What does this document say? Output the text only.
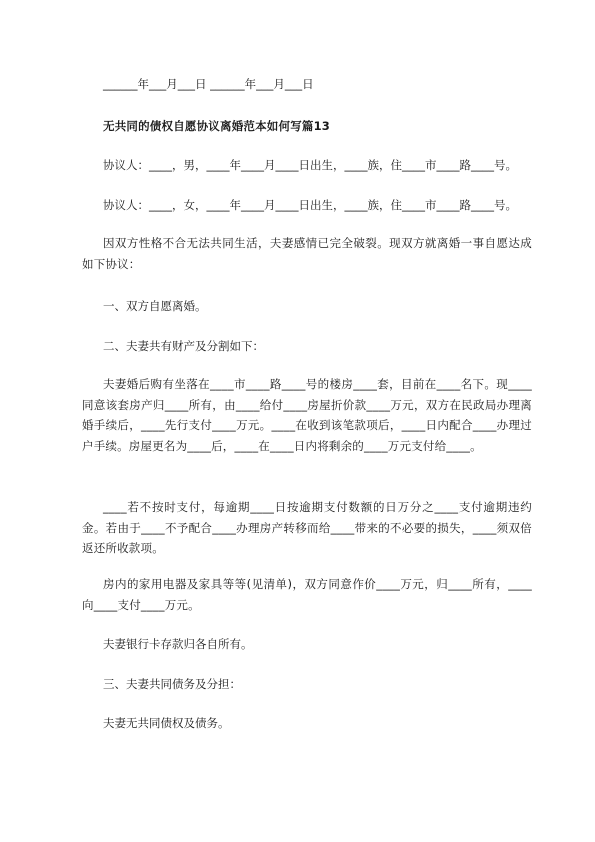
______年___月___日 ______年___月___日
无共同的债权自愿协议离婚范本如何写篇13
协议人：____，男，____年____月____日出生，____族，住____市____路____号。
协议人：____，女，____年____月____日出生，____族，住____市____路____号。
因双方性格不合无法共同生活，夫妻感情已完全破裂。现双方就离婚一事自愿达成如下协议：
一、双方自愿离婚。
二、夫妻共有财产及分割如下：
夫妻婚后购有坐落在____市____路____号的楼房____套，目前在____名下。现____同意该套房产归____所有，由____给付____房屋折价款____万元，双方在民政局办理离婚手续后，____先行支付____万元。____在收到该笔款项后，____日内配合____办理过户手续。房屋更名为____后，____在____日内将剩余的____万元支付给____。
____若不按时支付，每逾期____日按逾期支付数额的日万分之____支付逾期违约金。若由于____不予配合____办理房产转移而给____带来的不必要的损失，____须双倍返还所收款项。
房内的家用电器及家具等等(见清单)，双方同意作价____万元，归____所有，____向____支付____万元。
夫妻银行卡存款归各自所有。
三、夫妻共同债务及分担：
夫妻无共同债权及债务。
